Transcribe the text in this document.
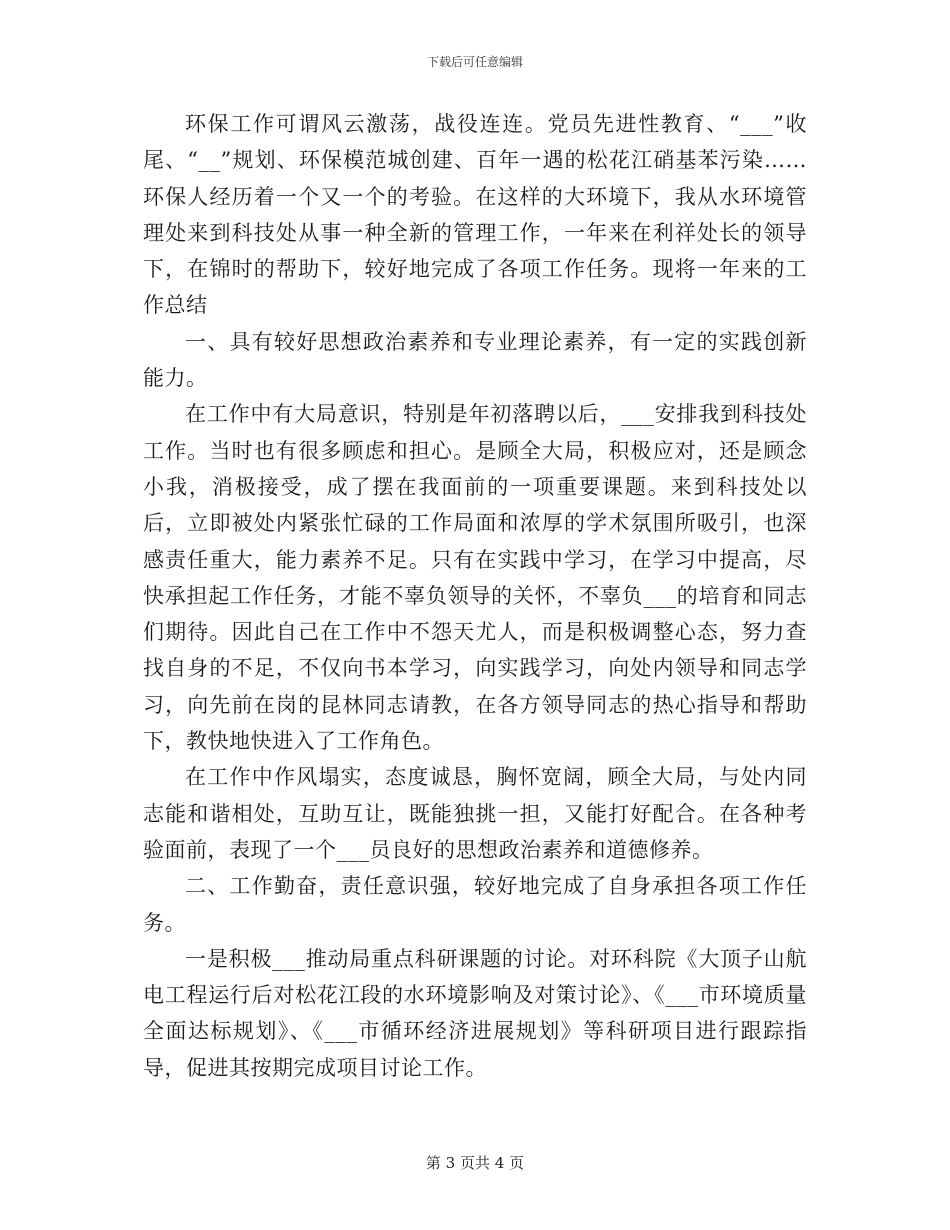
下载后可任意编辑

环保工作可谓风云激荡，战役连连。党员先进性教育、“___”收尾、“__”规划、环保模范城创建、百年一遇的松花江硝基苯污染……环保人经历着一个又一个的考验。在这样的大环境下，我从水环境管理处来到科技处从事一种全新的管理工作，一年来在利祥处长的领导下，在锦时的帮助下，较好地完成了各项工作任务。现将一年来的工作总结

一、具有较好思想政治素养和专业理论素养，有一定的实践创新能力。

在工作中有大局意识，特别是年初落聘以后，___安排我到科技处工作。当时也有很多顾虑和担心。是顾全大局，积极应对，还是顾念小我，消极接受，成了摆在我面前的一项重要课题。来到科技处以后，立即被处内紧张忙碌的工作局面和浓厚的学术氛围所吸引，也深感责任重大，能力素养不足。只有在实践中学习，在学习中提高，尽快承担起工作任务，才能不辜负领导的关怀，不辜负___的培育和同志们期待。因此自己在工作中不怨天尤人，而是积极调整心态，努力查找自身的不足，不仅向书本学习，向实践学习，向处内领导和同志学习，向先前在岗的昆林同志请教，在各方领导同志的热心指导和帮助下，教快地快进入了工作角色。

在工作中作风塌实，态度诚恳，胸怀宽阔，顾全大局，与处内同志能和谐相处，互助互让，既能独挑一担，又能打好配合。在各种考验面前，表现了一个___员良好的思想政治素养和道德修养。

二、工作勤奋，责任意识强，较好地完成了自身承担各项工作任务。

一是积极___推动局重点科研课题的讨论。对环科院《大顶子山航电工程运行后对松花江段的水环境影响及对策讨论》、《___市环境质量全面达标规划》、《___市循环经济进展规划》等科研项目进行跟踪指导，促进其按期完成项目讨论工作。

第 3 页共 4 页
